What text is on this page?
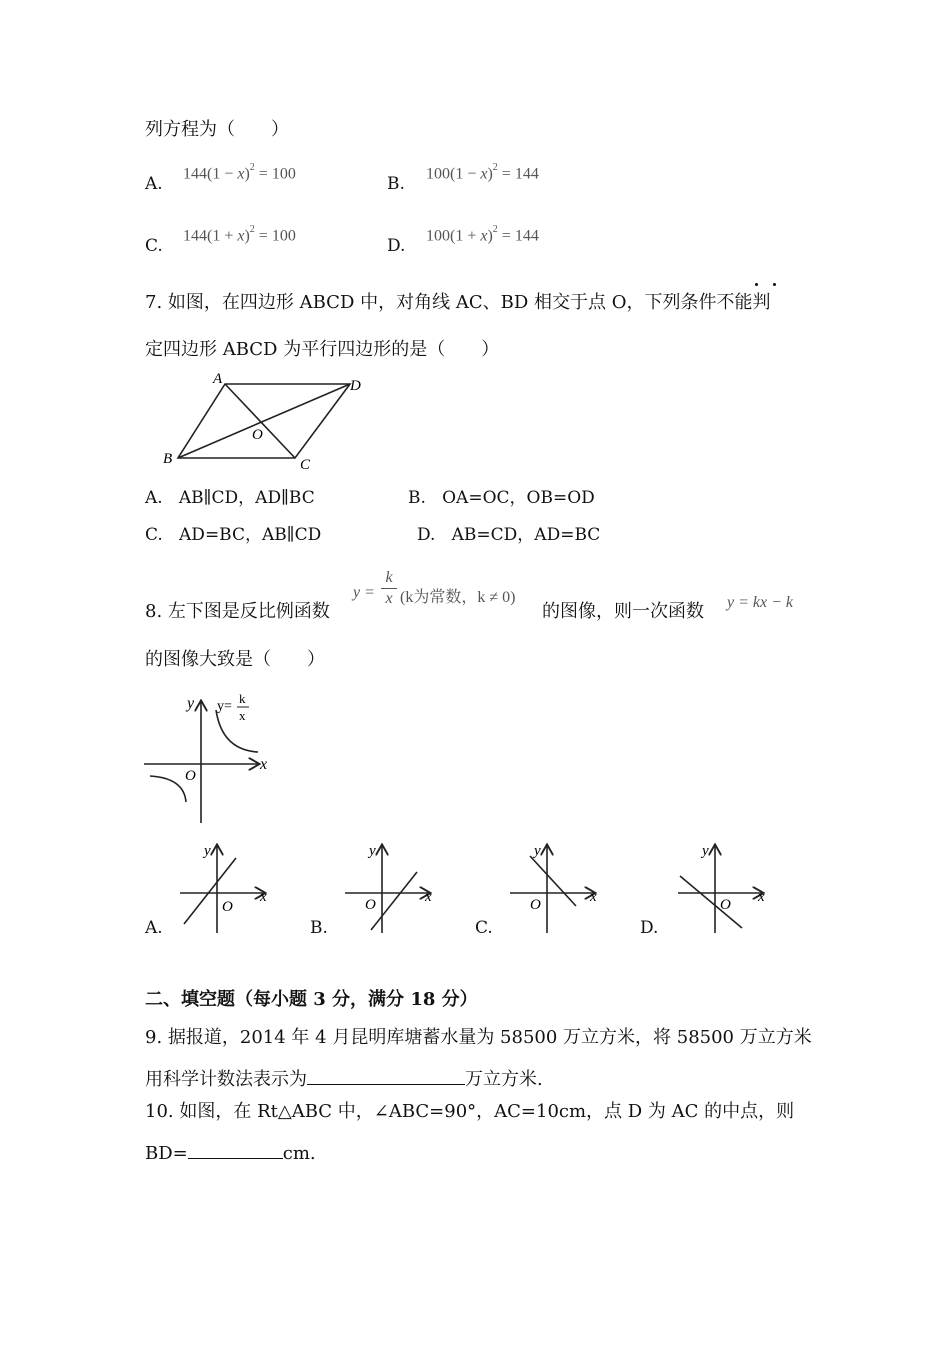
列方程为（　　）
A.
$144(1 - x)^2 = 100$
B.
$100(1 - x)^2 = 144$
C.
$144(1 + x)^2 = 100$
D.
$100(1 + x)^2 = 144$
7. 如图，在四边形 ABCD 中，对角线 AC、BD 相交于点 O，下列条件不能判
定四边形 ABCD 为平行四边形的是（　　）
A	D
B	C
O
A. AB∥CD，AD∥BC	B. OA=OC，OB=OD
C. AD=BC，AB∥CD	D. AB=CD，AD=BC
8. 左下图是反比例函数
y =
k
x (k为常数，k ≠ 0)
的图像，则一次函数 y = kx − k
的图像大致是（　　）
y
x
O
y=
k
x
A.
y
x
O
B.
y
x
O
C.
y
x
O
D.
y
x
O
二、填空题（每小题 3 分，满分 18 分）
9. 据报道，2014 年 4 月昆明库塘蓄水量为 58500 万立方米，将 58500 万立方米
用科学计数法表示为	万立方米.
10. 如图，在 Rt△ABC 中，∠ABC=90°，AC=10cm，点 D 为 AC 的中点，则
BD=	cm.
